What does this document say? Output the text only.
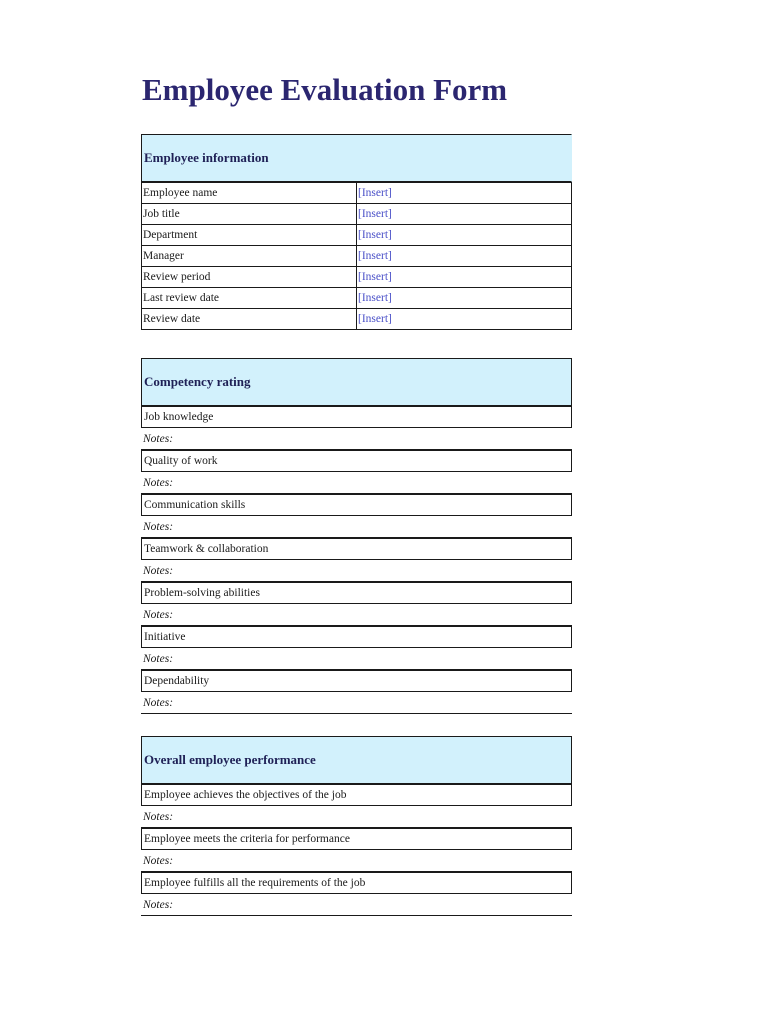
Employee Evaluation Form
Employee information
Employee name	[Insert]
Job title	[Insert]
Department	[Insert]
Manager	[Insert]
Review period	[Insert]
Last review date	[Insert]
Review date	[Insert]
Competency rating
Job knowledge
Notes:
Quality of work
Notes:
Communication skills
Notes:
Teamwork & collaboration
Notes:
Problem-solving abilities
Notes:
Initiative
Notes:
Dependability
Notes:
Overall employee performance
Employee achieves the objectives of the job
Notes:
Employee meets the criteria for performance
Notes:
Employee fulfills all the requirements of the job
Notes:
